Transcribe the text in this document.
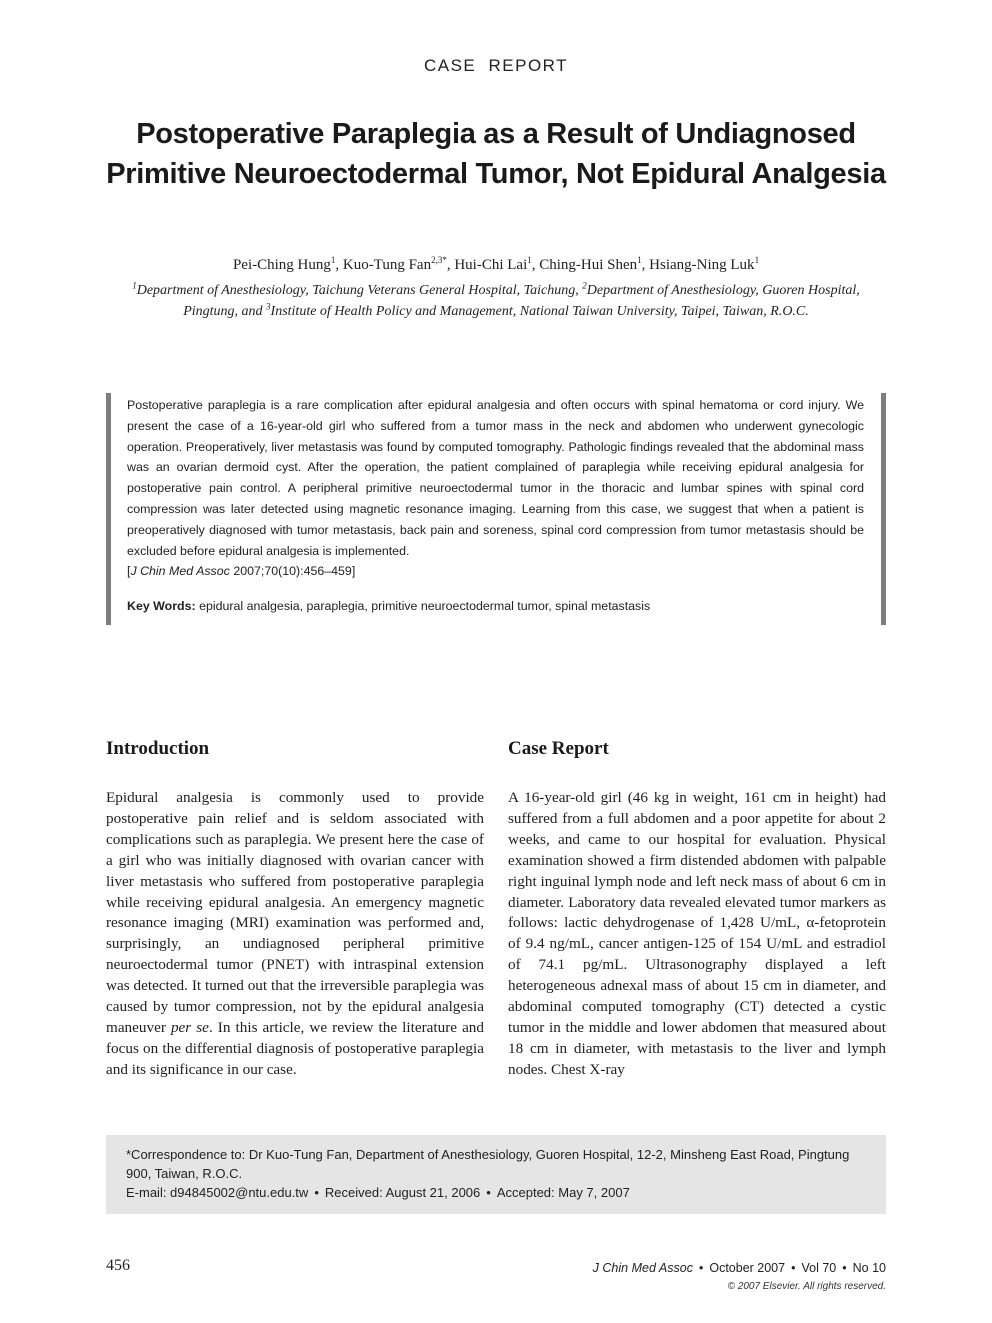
CASE REPORT
Postoperative Paraplegia as a Result of Undiagnosed Primitive Neuroectodermal Tumor, Not Epidural Analgesia
Pei-Ching Hung$^1$, Kuo-Tung Fan$^{2,3*}$, Hui-Chi Lai$^1$, Ching-Hui Shen$^1$, Hsiang-Ning Luk$^1$
$^1$Department of Anesthesiology, Taichung Veterans General Hospital, Taichung, $^2$Department of Anesthesiology, Guoren Hospital, Pingtung, and $^3$Institute of Health Policy and Management, National Taiwan University, Taipei, Taiwan, R.O.C.

Postoperative paraplegia is a rare complication after epidural analgesia and often occurs with spinal hematoma or cord injury. We present the case of a 16-year-old girl who suffered from a tumor mass in the neck and abdomen who underwent gynecologic operation. Preoperatively, liver metastasis was found by computed tomography. Pathologic findings revealed that the abdominal mass was an ovarian dermoid cyst. After the operation, the patient complained of paraplegia while receiving epidural analgesia for postoperative pain control. A peripheral primitive neuroectodermal tumor in the thoracic and lumbar spines with spinal cord compression was later detected using magnetic resonance imaging. Learning from this case, we suggest that when a patient is preoperatively diagnosed with tumor metastasis, back pain and soreness, spinal cord compression from tumor metastasis should be excluded before epidural analgesia is implemented.
[J Chin Med Assoc 2007;70(10):456–459]

Key Words: epidural analgesia, paraplegia, primitive neuroectodermal tumor, spinal metastasis
Introduction

Epidural analgesia is commonly used to provide postoperative pain relief and is seldom associated with complications such as paraplegia. We present here the case of a girl who was initially diagnosed with ovarian cancer with liver metastasis who suffered from postoperative paraplegia while receiving epidural analgesia. An emergency magnetic resonance imaging (MRI) examination was performed and, surprisingly, an undiagnosed peripheral primitive neuroectodermal tumor (PNET) with intraspinal extension was detected. It turned out that the irreversible paraplegia was caused by tumor compression, not by the epidural analgesia maneuver per se. In this article, we review the literature and focus on the differential diagnosis of postoperative paraplegia and its significance in our case.

Case Report

A 16-year-old girl (46 kg in weight, 161 cm in height) had suffered from a full abdomen and a poor appetite for about 2 weeks, and came to our hospital for evaluation. Physical examination showed a firm distended abdomen with palpable right inguinal lymph node and left neck mass of about 6 cm in diameter. Laboratory data revealed elevated tumor markers as follows: lactic dehydrogenase of 1,428 U/mL, α-fetoprotein of 9.4 ng/mL, cancer antigen-125 of 154 U/mL and estradiol of 74.1 pg/mL. Ultrasonography displayed a left heterogeneous adnexal mass of about 15 cm in diameter, and abdominal computed tomography (CT) detected a cystic tumor in the middle and lower abdomen that measured about 18 cm in diameter, with metastasis to the liver and lymph nodes. Chest X-ray

*Correspondence to: Dr Kuo-Tung Fan, Department of Anesthesiology, Guoren Hospital, 12-2, Minsheng East Road, Pingtung 900, Taiwan, R.O.C.
E-mail: d94845002@ntu.edu.tw • Received: August 21, 2006 • Accepted: May 7, 2007
456	J Chin Med Assoc • October 2007 • Vol 70 • No 10
© 2007 Elsevier. All rights reserved.
